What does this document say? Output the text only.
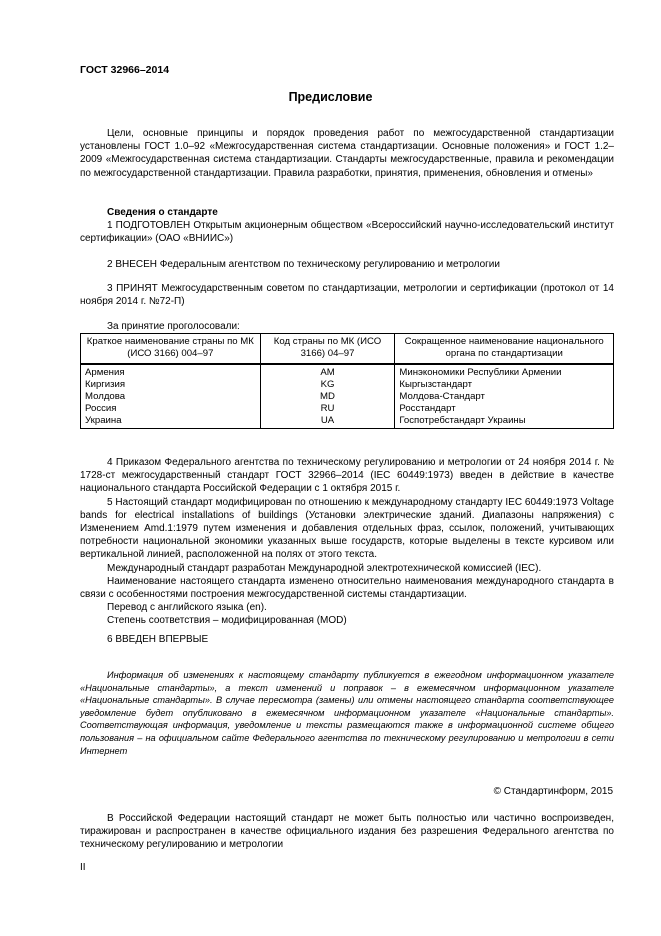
ГОСТ 32966–2014
Предисловие

Цели, основные принципы и порядок проведения работ по межгосударственной стандартизации установлены ГОСТ 1.0–92 «Межгосударственная система стандартизации. Основные положения» и ГОСТ 1.2–2009 «Межгосударственная система стандартизации. Стандарты межгосударственные, правила и рекомендации по межгосударственной стандартизации. Правила разработки, принятия, применения, обновления и отмены»

Сведения о стандарте

1 ПОДГОТОВЛЕН Открытым акционерным обществом «Всероссийский научно-исследовательский институт сертификации» (ОАО «ВНИИС»)

2 ВНЕСЕН Федеральным агентством по техническому регулированию и метрологии

3 ПРИНЯТ Межгосударственным советом по стандартизации, метрологии и сертификации (протокол от 14 ноября 2014 г. №72-П)

За принятие проголосовали:

Краткое наименование страны по МК (ИСО 3166) 004–97	Код страны по МК (ИСО 3166) 04–97	Сокращенное наименование национального органа по стандартизации
Армения	AM	Минэкономики Республики Армении
Киргизия	KG	Кыргызстандарт
Молдова	MD	Молдова-Стандарт
Россия	RU	Росстандарт
Украина	UA	Госпотребстандарт Украины

4 Приказом Федерального агентства по техническому регулированию и метрологии от 24 ноября 2014 г. № 1728-ст межгосударственный стандарт ГОСТ 32966–2014 (IEC 60449:1973) введен в действие в качестве национального стандарта Российской Федерации с 1 октября 2015 г.

5 Настоящий стандарт модифицирован по отношению к международному стандарту IEC 60449:1973 Voltage bands for electrical installations of buildings (Установки электрические зданий. Диапазоны напряжения) с Изменением Amd.1:1979 путем изменения и добавления отдельных фраз, ссылок, положений, учитывающих потребности национальной экономики указанных выше государств, которые выделены в тексте курсивом или вертикальной линией, расположенной на полях от этого текста.

Международный стандарт разработан Международной электротехнической комиссией (IEC).

Наименование настоящего стандарта изменено относительно наименования международного стандарта в связи с особенностями построения межгосударственной системы стандартизации.

Перевод с английского языка (en).

Степень соответствия – модифицированная (MOD)

6 ВВЕДЕН ВПЕРВЫЕ

Информация об изменениях к настоящему стандарту публикуется в ежегодном информационном указателе «Национальные стандарты», а текст изменений и поправок – в ежемесячном информационном указателе «Национальные стандарты». В случае пересмотра (замены) или отмены настоящего стандарта соответствующее уведомление будет опубликовано в ежемесячном информационном указателе «Национальные стандарты». Соответствующая информация, уведомление и тексты размещаются также в информационной системе общего пользования – на официальном сайте Федерального агентства по техническому регулированию и метрологии в сети Интернет

© Стандартинформ, 2015

В Российской Федерации настоящий стандарт не может быть полностью или частично воспроизведен, тиражирован и распространен в качестве официального издания без разрешения Федерального агентства по техническому регулированию и метрологии

II
